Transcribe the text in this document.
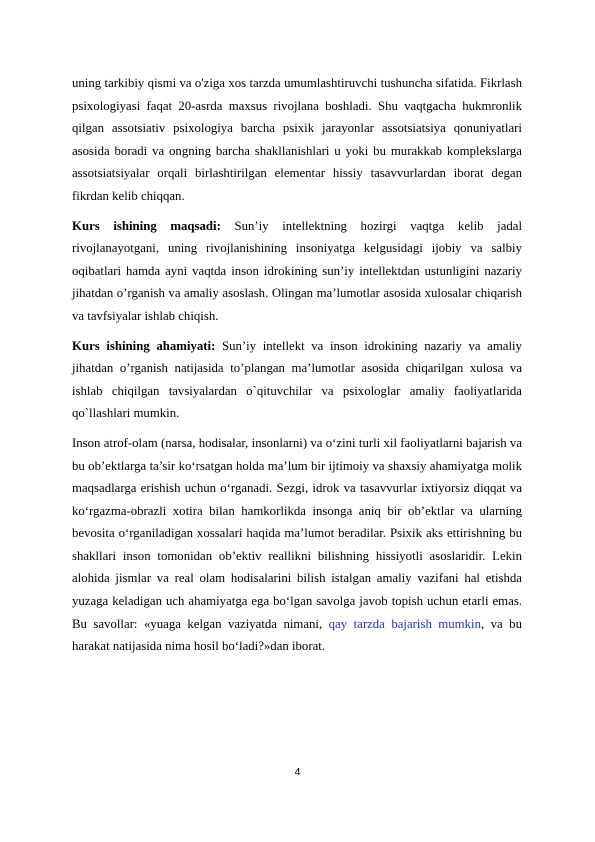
uning tarkibiy qismi va o'ziga xos tarzda umumlashtiruvchi tushuncha sifatida. Fikrlash psixologiyasi faqat 20-asrda maxsus rivojlana boshladi. Shu vaqtgacha hukmronlik qilgan assotsiativ psixologiya barcha psixik jarayonlar assotsiatsiya qonuniyatlari asosida boradi va ongning barcha shakllanishlari u yoki bu murakkab komplekslarga assotsiatsiyalar orqali birlashtirilgan elementar hissiy tasavvurlardan iborat degan fikrdan kelib chiqqan.

Kurs ishining maqsadi: Sun’iy intellektning hozirgi vaqtga kelib jadal rivojlanayotgani, uning rivojlanishining insoniyatga kelgusidagi ijobiy va salbiy oqibatlari hamda ayni vaqtda inson idrokining sun’iy intellektdan ustunligini nazariy jihatdan o’rganish va amaliy asoslash. Olingan ma’lumotlar asosida xulosalar chiqarish va tavfsiyalar ishlab chiqish.

Kurs ishining ahamiyati: Sun’iy intellekt va inson idrokining nazariy va amaliy jihatdan o’rganish natijasida to’plangan ma’lumotlar asosida chiqarilgan xulosa va ishlab chiqilgan tavsiyalardan o`qituvchilar va psixologlar amaliy faoliyatlarida qo`llashlari mumkin.

Inson atrof-olam (narsa, hodisalar, insonlarni) va o‘zini turli xil faoliyatlarni bajarish va bu ob’ektlarga ta’sir ko‘rsatgan holda ma’lum bir ijtimoiy va shaxsiy ahamiyatga molik maqsadlarga erishish uchun o‘rganadi. Sezgi, idrok va tasavvurlar ixtiyorsiz diqqat va ko‘rgazma-obrazli xotira bilan hamkorlikda insonga aniq bir ob’ektlar va ularning bevosita o‘rganiladigan xossalari haqida ma’lumot beradilar. Psixik aks ettirishning bu shakllari inson tomonidan ob’ektiv reallikni bilishning hissiyotli asoslaridir. Lekin alohida jismlar va real olam hodisalarini bilish istalgan amaliy vazifani hal etishda yuzaga keladigan uch ahamiyatga ega bo‘lgan savolga javob topish uchun etarli emas. Bu savollar: «yuaga kelgan vaziyatda nimani, qay tarzda bajarish mumkin, va bu harakat natijasida nima hosil bo‘ladi?»dan iborat.

4
